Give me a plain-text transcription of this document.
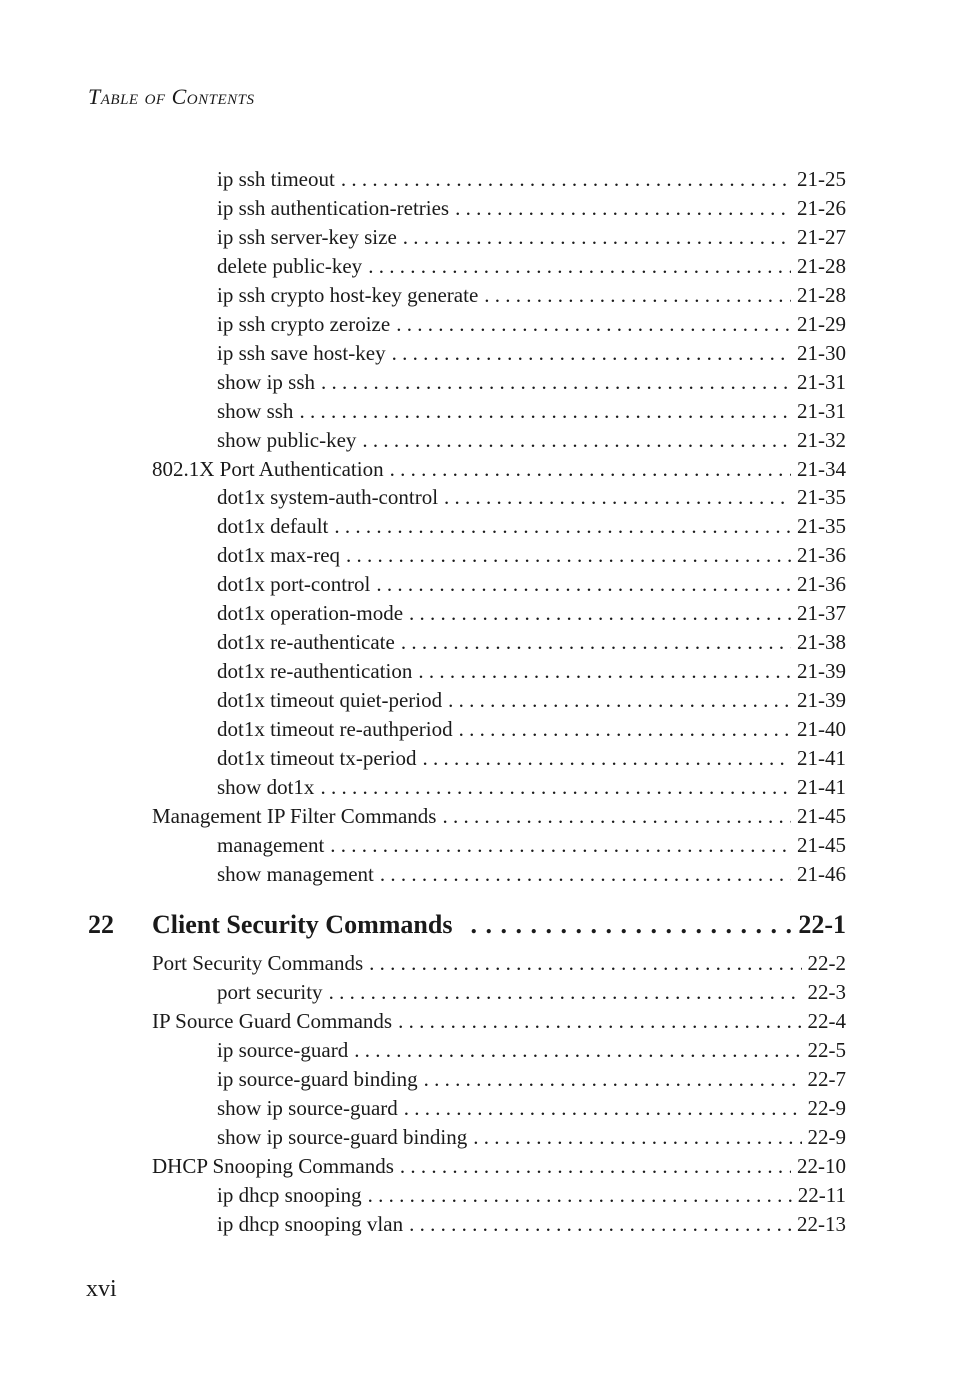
TABLE OF CONTENTS
ip ssh timeout . . .	21-25
ip ssh authentication-retries . . .	21-26
ip ssh server-key size . . .	21-27
delete public-key . . .	21-28
ip ssh crypto host-key generate . . .	21-28
ip ssh crypto zeroize . . .	21-29
ip ssh save host-key . . .	21-30
show ip ssh . . .	21-31
show ssh . . .	21-31
show public-key . . .	21-32
802.1X Port Authentication . . .	21-34
dot1x system-auth-control . . .	21-35
dot1x default . . .	21-35
dot1x max-req . . .	21-36
dot1x port-control . . .	21-36
dot1x operation-mode . . .	21-37
dot1x re-authenticate . . .	21-38
dot1x re-authentication . . .	21-39
dot1x timeout quiet-period . . .	21-39
dot1x timeout re-authperiod . . .	21-40
dot1x timeout tx-period . . .	21-41
show dot1x . . .	21-41
Management IP Filter Commands . . .	21-45
management . . .	21-45
show management . . .	21-46
22 Client Security Commands . . .	22-1
Port Security Commands . . .	22-2
port security . . .	22-3
IP Source Guard Commands . . .	22-4
ip source-guard . . .	22-5
ip source-guard binding . . .	22-7
show ip source-guard . . .	22-9
show ip source-guard binding . . .	22-9
DHCP Snooping Commands . . .	22-10
ip dhcp snooping . . .	22-11
ip dhcp snooping vlan . . .	22-13
xvi
